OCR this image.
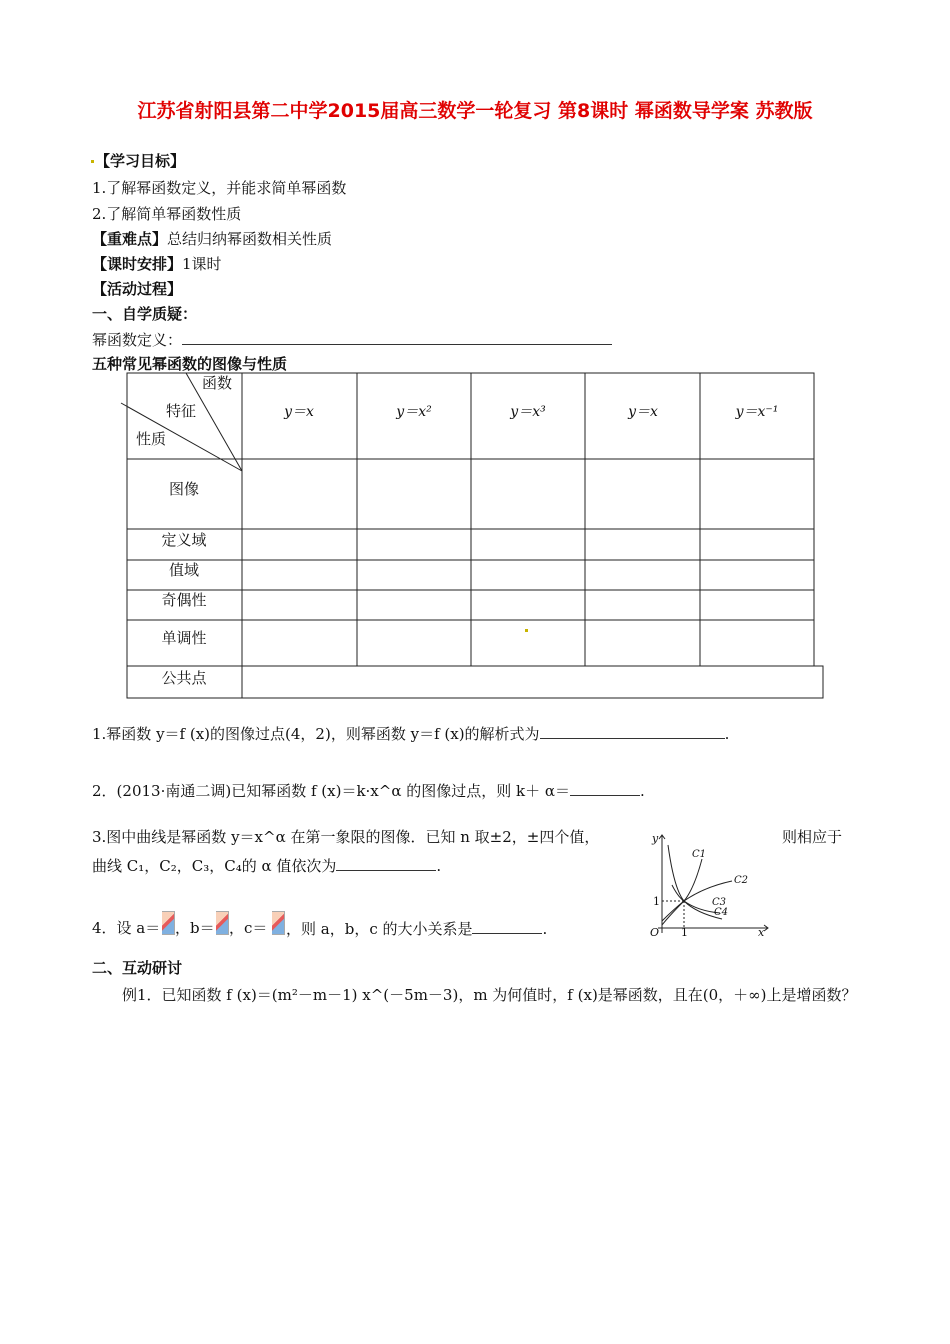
江苏省射阳县第二中学2015届高三数学一轮复习 第8课时 幂函数导学案 苏教版
【学习目标】
1.了解幂函数定义，并能求简单幂函数
2.了解简单幂函数性质
【重难点】总结归纳幂函数相关性质
【课时安排】1课时
【活动过程】
一、自学质疑：
幂函数定义：
五种常见幂函数的图像与性质
函数
特征
性质
y＝x	y＝x²	y＝x³	y＝x	y＝x⁻¹
图像
定义域
值域
奇偶性
单调性
公共点
1.幂函数 y＝f (x)的图像过点(4，2)，则幂函数 y＝f (x)的解析式为	.
2．(2013·南通二调)已知幂函数 f (x)＝k·x^α 的图像过点，则 k＋ α＝	.
3.图中曲线是幂函数 y＝x^α 在第一象限的图像．已知 n 取±2，±四个值，	则相应于
曲线 C₁，C₂，C₃，C₄的 α 值依次为	.
4．设 a＝ ，b＝ ，c＝ ，则 a，b，c 的大小关系是	.
y
x
O 1
1
C1
C2
C3
C4
二、互动研讨
例1．已知函数 f (x)＝(m²－m－1) x^(－5m－3)，m 为何值时，f (x)是幂函数，且在(0，＋∞)上是增函数？
